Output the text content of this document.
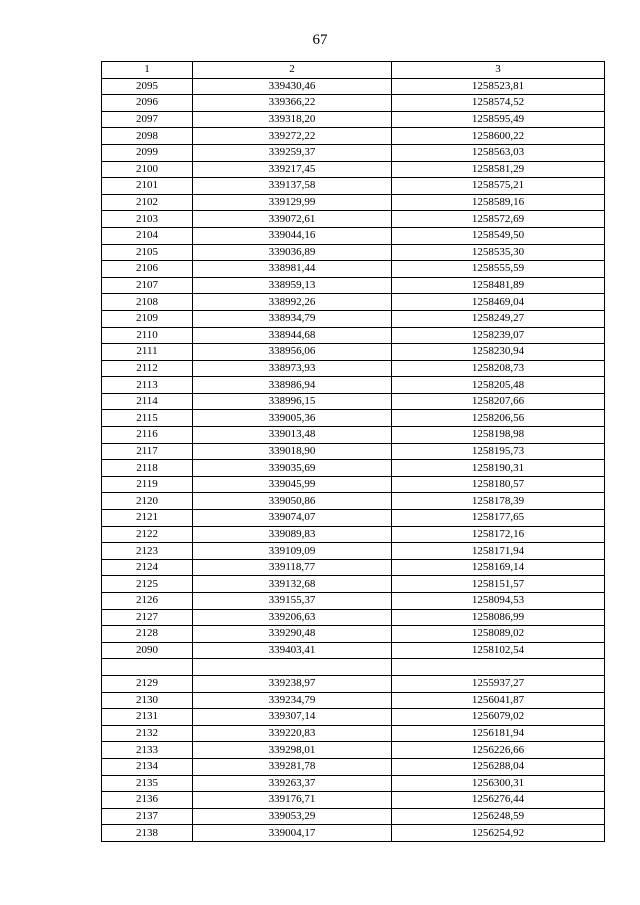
67
1	2	3
2095	339430,46	1258523,81
2096	339366,22	1258574,52
2097	339318,20	1258595,49
2098	339272,22	1258600,22
2099	339259,37	1258563,03
2100	339217,45	1258581,29
2101	339137,58	1258575,21
2102	339129,99	1258589,16
2103	339072,61	1258572,69
2104	339044,16	1258549,50
2105	339036,89	1258535,30
2106	338981,44	1258555,59
2107	338959,13	1258481,89
2108	338992,26	1258469,04
2109	338934,79	1258249,27
2110	338944,68	1258239,07
2111	338956,06	1258230,94
2112	338973,93	1258208,73
2113	338986,94	1258205,48
2114	338996,15	1258207,66
2115	339005,36	1258206,56
2116	339013,48	1258198,98
2117	339018,90	1258195,73
2118	339035,69	1258190,31
2119	339045,99	1258180,57
2120	339050,86	1258178,39
2121	339074,07	1258177,65
2122	339089,83	1258172,16
2123	339109,09	1258171,94
2124	339118,77	1258169,14
2125	339132,68	1258151,57
2126	339155,37	1258094,53
2127	339206,63	1258086,99
2128	339290,48	1258089,02
2090	339403,41	1258102,54

2129	339238,97	1255937,27
2130	339234,79	1256041,87
2131	339307,14	1256079,02
2132	339220,83	1256181,94
2133	339298,01	1256226,66
2134	339281,78	1256288,04
2135	339263,37	1256300,31
2136	339176,71	1256276,44
2137	339053,29	1256248,59
2138	339004,17	1256254,92
